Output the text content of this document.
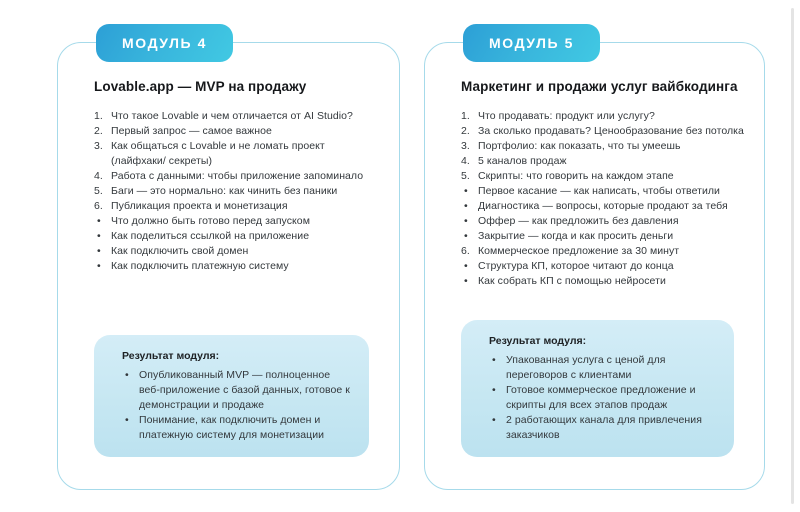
МОДУЛЬ 4
Lovable.app — MVP на продажу
1. Что такое Lovable и чем отличается от AI Studio?
2. Первый запрос — самое важное
3. Как общаться с Lovable и не ломать проект (лайфхаки/ секреты)
4. Работа с данными: чтобы приложение запоминало
5. Баги — это нормально: как чинить без паники
6. Публикация проекта и монетизация
• Что должно быть готово перед запуском
• Как поделиться ссылкой на приложение
• Как подключить свой домен
• Как подключить платежную систему
Результат модуля:
• Опубликованный MVP — полноценное веб-приложение с базой данных, готовое к демонстрации и продаже
• Понимание, как подключить домен и платежную систему для монетизации
МОДУЛЬ 5
Маркетинг и продажи услуг вайбкодинга
1. Что продавать: продукт или услугу?
2. За сколько продавать? Ценообразование без потолка
3. Портфолио: как показать, что ты умеешь
4. 5 каналов продаж
5. Скрипты: что говорить на каждом этапе
• Первое касание — как написать, чтобы ответили
• Диагностика — вопросы, которые продают за тебя
• Оффер — как предложить без давления
• Закрытие — когда и как просить деньги
6. Коммерческое предложение за 30 минут
• Структура КП, которое читают до конца
• Как собрать КП с помощью нейросети
Результат модуля:
• Упакованная услуга с ценой для переговоров с клиентами
• Готовое коммерческое предложение и скрипты для всех этапов продаж
• 2 работающих канала для привлечения заказчиков
